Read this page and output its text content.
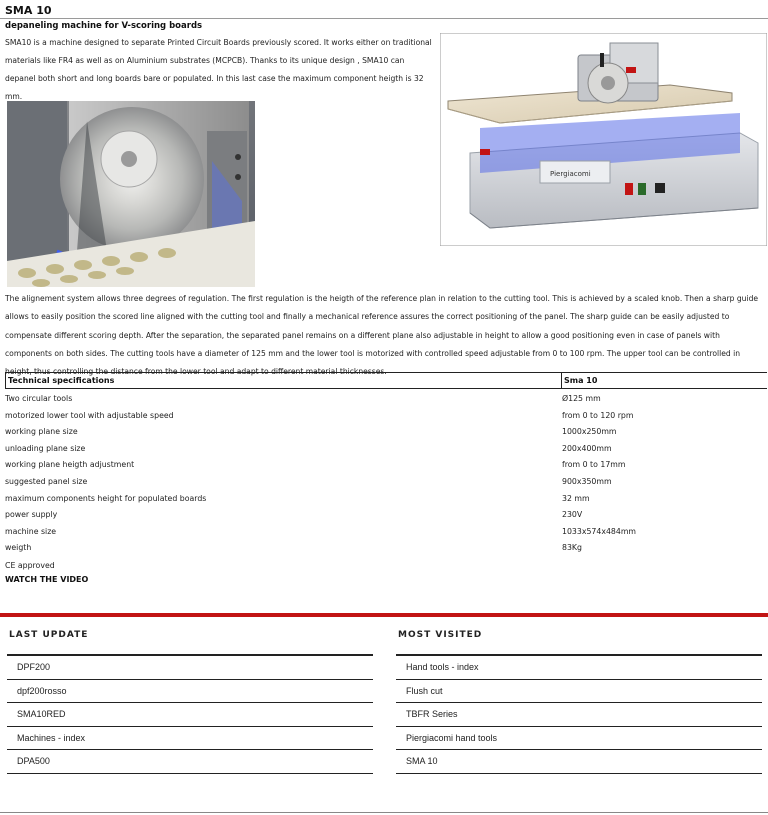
SMA 10
depaneling machine for V-scoring boards
SMA10 is a machine designed to separate Printed Circuit Boards previously scored. It works either on traditional materials like FR4 as well as on Aluminium substrates (MCPCB). Thanks to its unique design , SMA10 can depanel both short and long boards bare or populated. In this last case the maximum component heigth is 32 mm.
Piergiacomi
The alignement system allows three degrees of regulation. The first regulation is the heigth of the reference plan in relation to the cutting tool. This is achieved by a scaled knob. Then a sharp guide allows to easily position the scored line aligned with the cutting tool and finally a mechanical reference assures the correct positioning of the panel. The sharp guide can be easily adjusted to compensate different scoring depth. After the separation, the separated panel remains on a different plane also adjustable in height to allow a good positioning even in case of panels with components on both sides. The cutting tools have a diameter of 125 mm and the lower tool is motorized with controlled speed adjustable from 0 to 100 rpm. The upper tool can be controlled in height, thus controlling the distance from the lower tool and adapt to different material thicknesses.
Technical specifications	Sma 10
Two circular tools	Ø125 mm
motorized lower tool with adjustable speed	from 0 to 120 rpm
working plane size	1000x250mm
unloading plane size	200x400mm
working plane heigth adjustment	from 0 to 17mm
suggested panel size	900x350mm
maximum components height for populated boards	32 mm
power supply	230V
machine size	1033x574x484mm
weigth	83Kg
CE approved
WATCH THE VIDEO
LAST UPDATE
DPF200
dpf200rosso
SMA10RED
Machines - index
DPA500
MOST VISITED
Hand tools - index
Flush cut
TBFR Series
Piergiacomi hand tools
SMA 10
